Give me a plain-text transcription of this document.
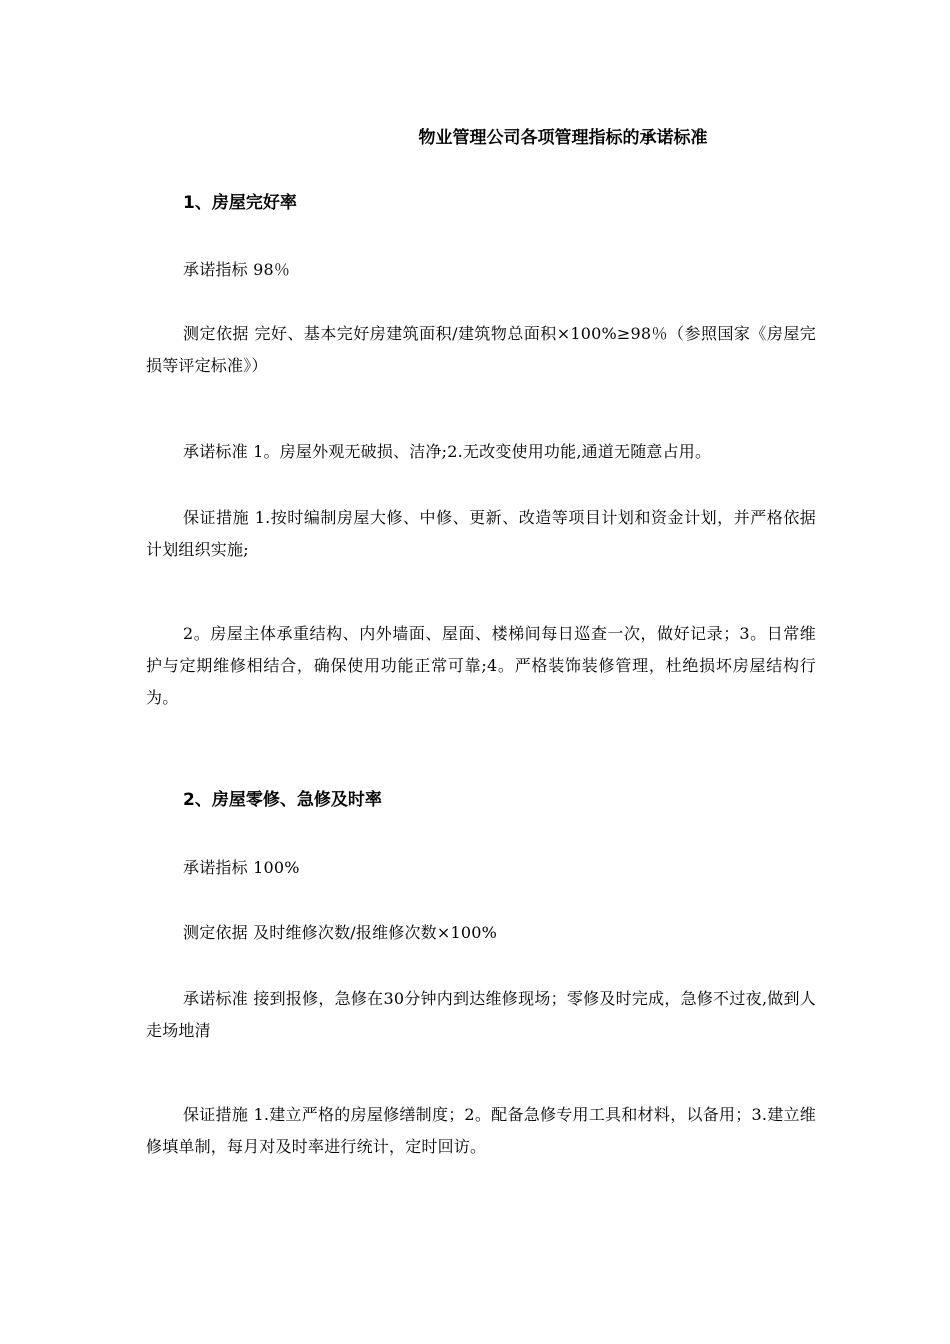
物业管理公司各项管理指标的承诺标准
1、房屋完好率
承诺指标 98％
测定依据 完好、基本完好房建筑面积/建筑物总面积×100%≥98％（参照国家《房屋完损等评定标准》）
承诺标准 1。房屋外观无破损、洁净;2.无改变使用功能,通道无随意占用。
保证措施 1.按时编制房屋大修、中修、更新、改造等项目计划和资金计划，并严格依据计划组织实施;
2。房屋主体承重结构、内外墙面、屋面、楼梯间每日巡查一次，做好记录；3。日常维护与定期维修相结合，确保使用功能正常可靠;4。严格装饰装修管理，杜绝损坏房屋结构行为。
2、房屋零修、急修及时率
承诺指标 100%
测定依据 及时维修次数/报维修次数×100%
承诺标准 接到报修，急修在30分钟内到达维修现场；零修及时完成，急修不过夜,做到人走场地清
保证措施 1.建立严格的房屋修缮制度；2。配备急修专用工具和材料，以备用；3.建立维修填单制，每月对及时率进行统计，定时回访。
